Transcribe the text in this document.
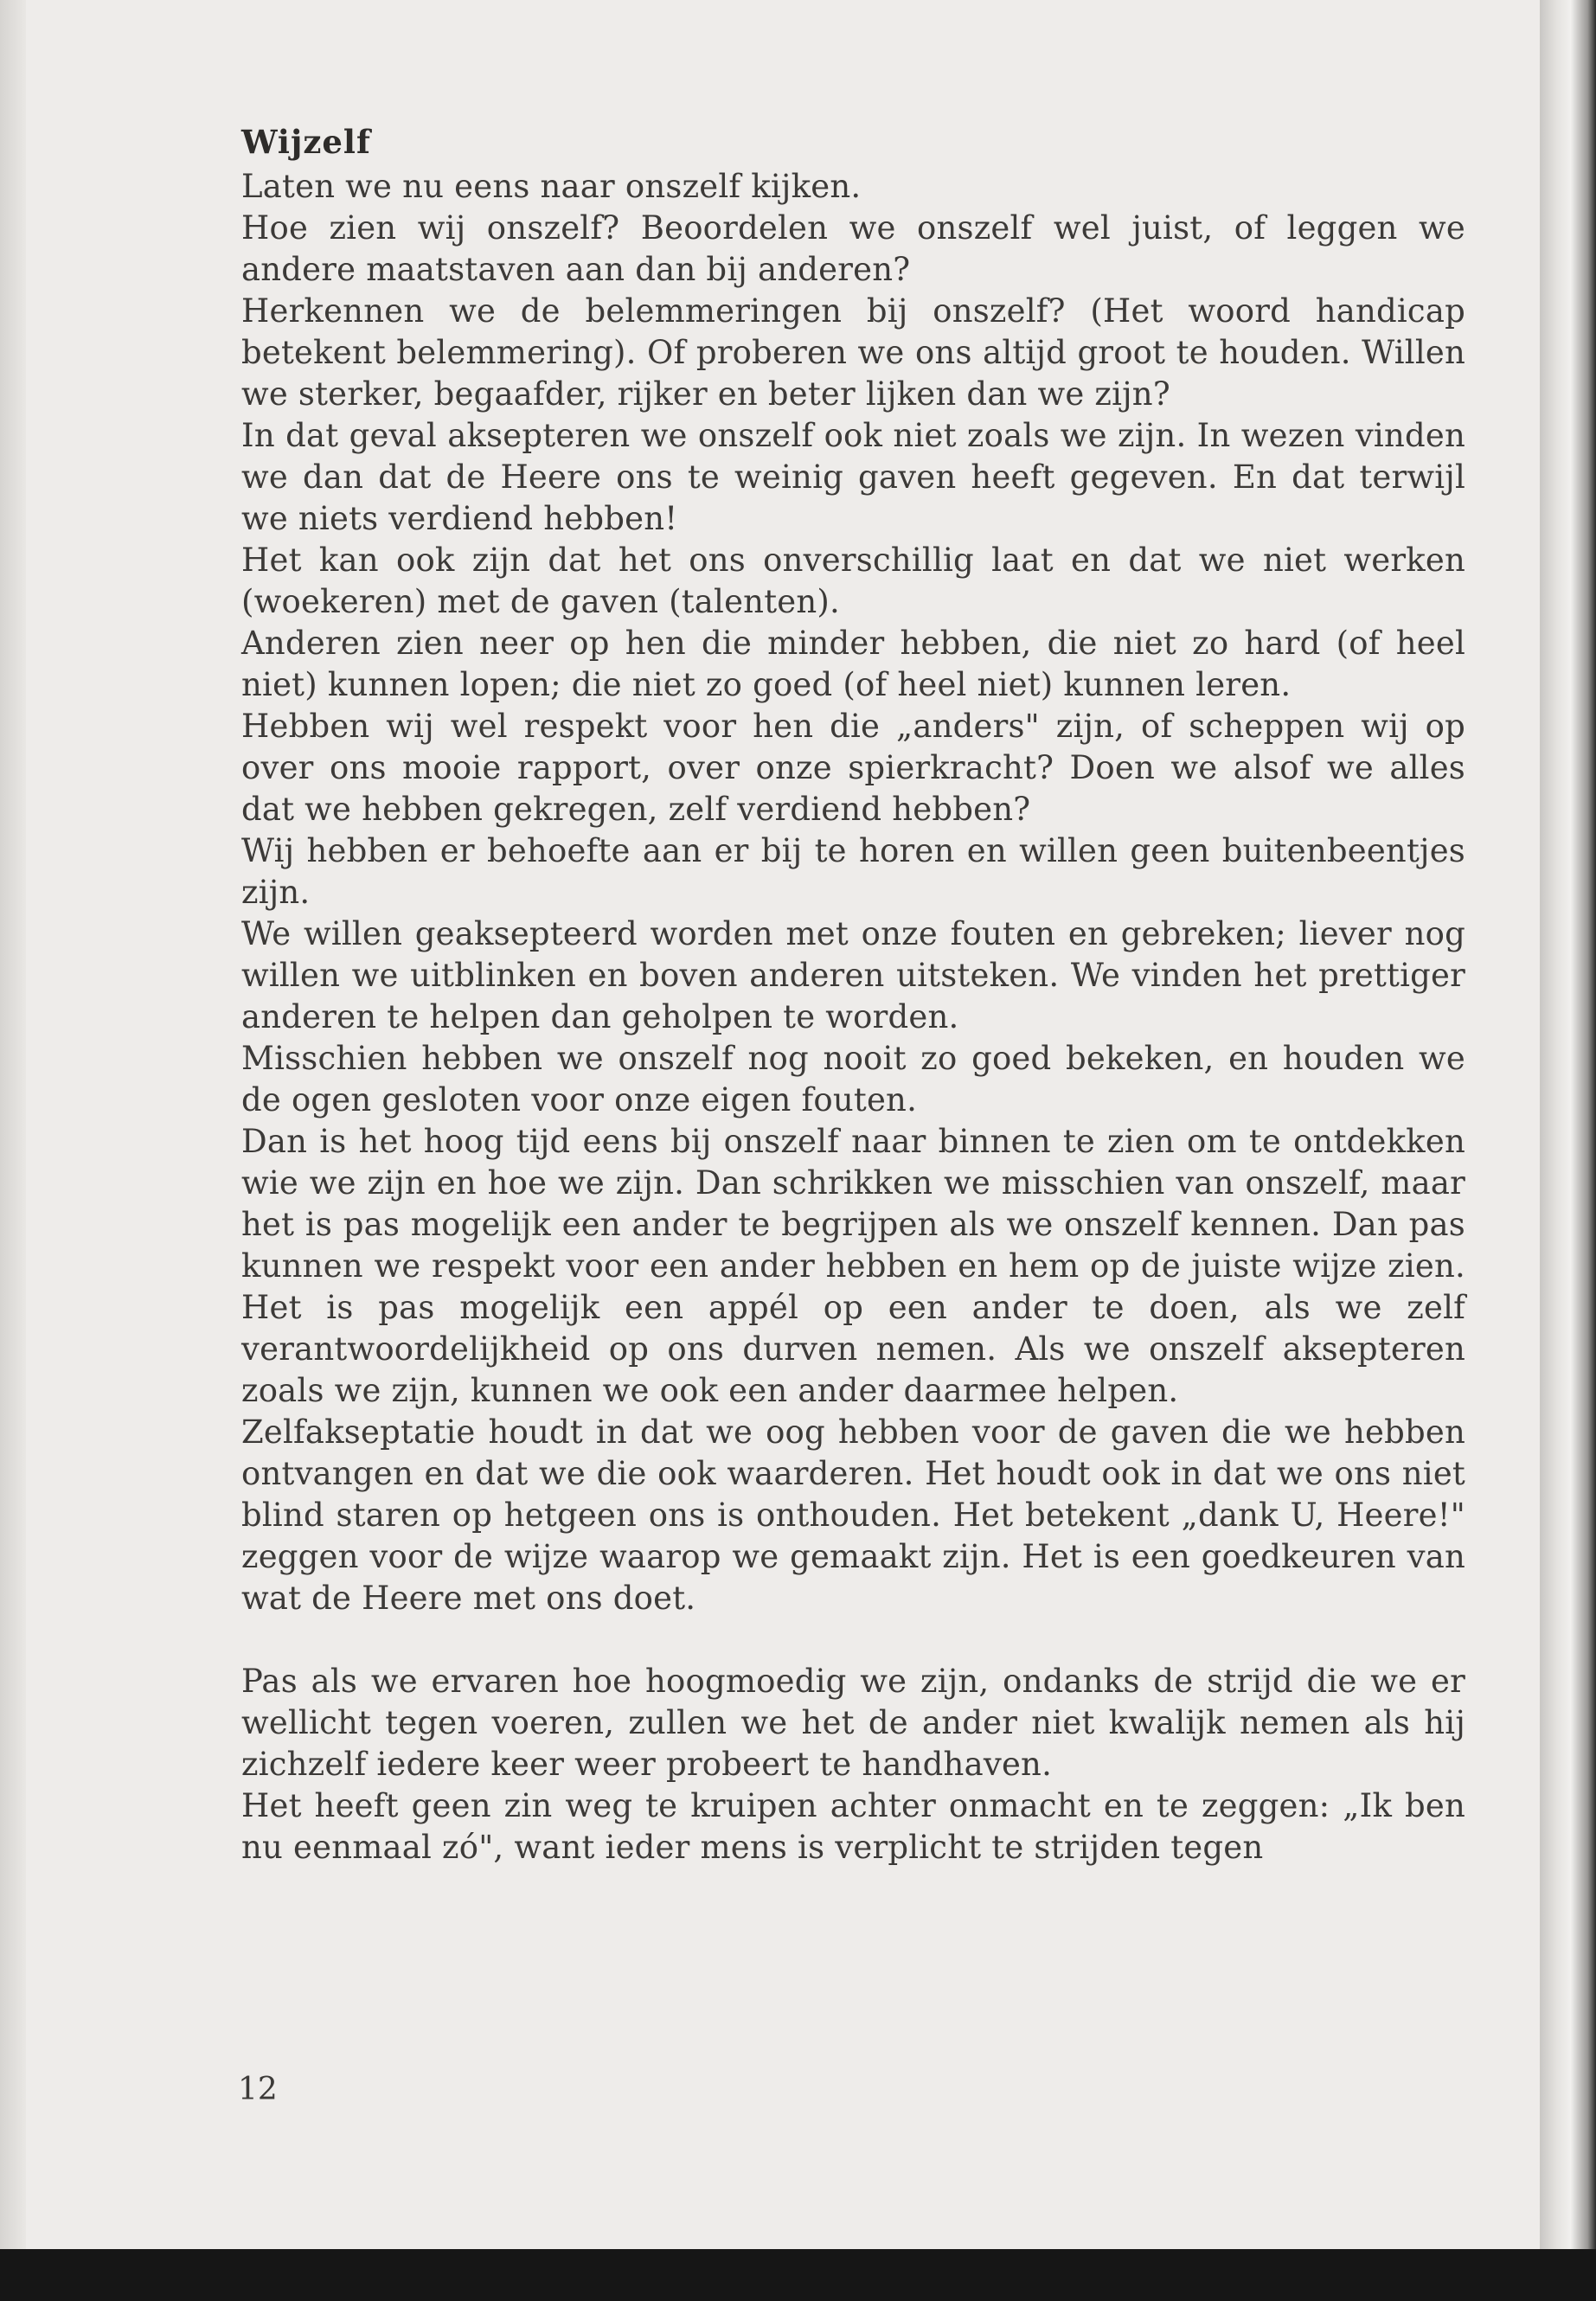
Wijzelf

Laten we nu eens naar onszelf kijken.

Hoe zien wij onszelf? Beoordelen we onszelf wel juist, of leggen we andere maatstaven aan dan bij anderen?

Herkennen we de belemmeringen bij onszelf? (Het woord handicap betekent belemmering). Of proberen we ons altijd groot te houden. Willen we sterker, begaafder, rijker en beter lijken dan we zijn?

In dat geval aksepteren we onszelf ook niet zoals we zijn. In wezen vinden we dan dat de Heere ons te weinig gaven heeft gegeven. En dat terwijl we niets verdiend hebben!

Het kan ook zijn dat het ons onverschillig laat en dat we niet werken (woekeren) met de gaven (talenten).

Anderen zien neer op hen die minder hebben, die niet zo hard (of heel niet) kunnen lopen; die niet zo goed (of heel niet) kunnen leren.

Hebben wij wel respekt voor hen die „anders" zijn, of scheppen wij op over ons mooie rapport, over onze spierkracht? Doen we alsof we alles dat we hebben gekregen, zelf verdiend hebben?

Wij hebben er behoefte aan er bij te horen en willen geen buitenbeentjes zijn.

We willen geaksepteerd worden met onze fouten en gebreken; liever nog willen we uitblinken en boven anderen uitsteken. We vinden het prettiger anderen te helpen dan geholpen te worden.

Misschien hebben we onszelf nog nooit zo goed bekeken, en houden we de ogen gesloten voor onze eigen fouten.

Dan is het hoog tijd eens bij onszelf naar binnen te zien om te ontdekken wie we zijn en hoe we zijn. Dan schrikken we misschien van onszelf, maar het is pas mogelijk een ander te begrijpen als we onszelf kennen. Dan pas kunnen we respekt voor een ander hebben en hem op de juiste wijze zien. Het is pas mogelijk een appél op een ander te doen, als we zelf verantwoordelijkheid op ons durven nemen. Als we onszelf aksepteren zoals we zijn, kunnen we ook een ander daarmee helpen.

Zelfakseptatie houdt in dat we oog hebben voor de gaven die we hebben ontvangen en dat we die ook waarderen. Het houdt ook in dat we ons niet blind staren op hetgeen ons is onthouden. Het betekent „dank U, Heere!" zeggen voor de wijze waarop we gemaakt zijn. Het is een goedkeuren van wat de Heere met ons doet.

Pas als we ervaren hoe hoogmoedig we zijn, ondanks de strijd die we er wellicht tegen voeren, zullen we het de ander niet kwalijk nemen als hij zichzelf iedere keer weer probeert te handhaven.

Het heeft geen zin weg te kruipen achter onmacht en te zeggen: „Ik ben nu eenmaal zó", want ieder mens is verplicht te strijden tegen

12
